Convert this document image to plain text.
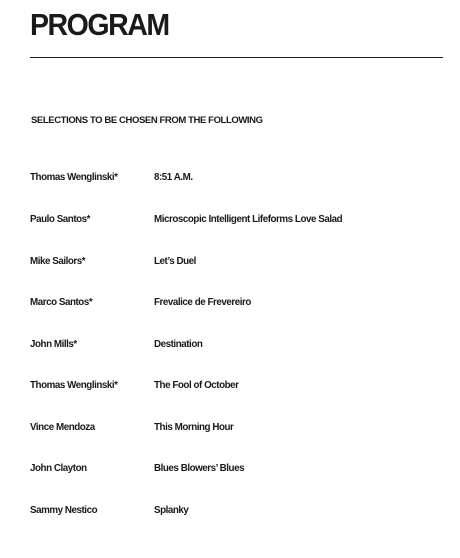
PROGRAM

SELECTIONS TO BE CHOSEN FROM THE FOLLOWING

Thomas Wenglinski*	8:51 A.M.
Paulo Santos*	Microscopic Intelligent Lifeforms Love Salad
Mike Sailors*	Let’s Duel
Marco Santos*	Frevalice de Frevereiro
John Mills*	Destination
Thomas Wenglinski*	The Fool of October
Vince Mendoza	This Morning Hour
John Clayton	Blues Blowers’ Blues
Sammy Nestico	Splanky
